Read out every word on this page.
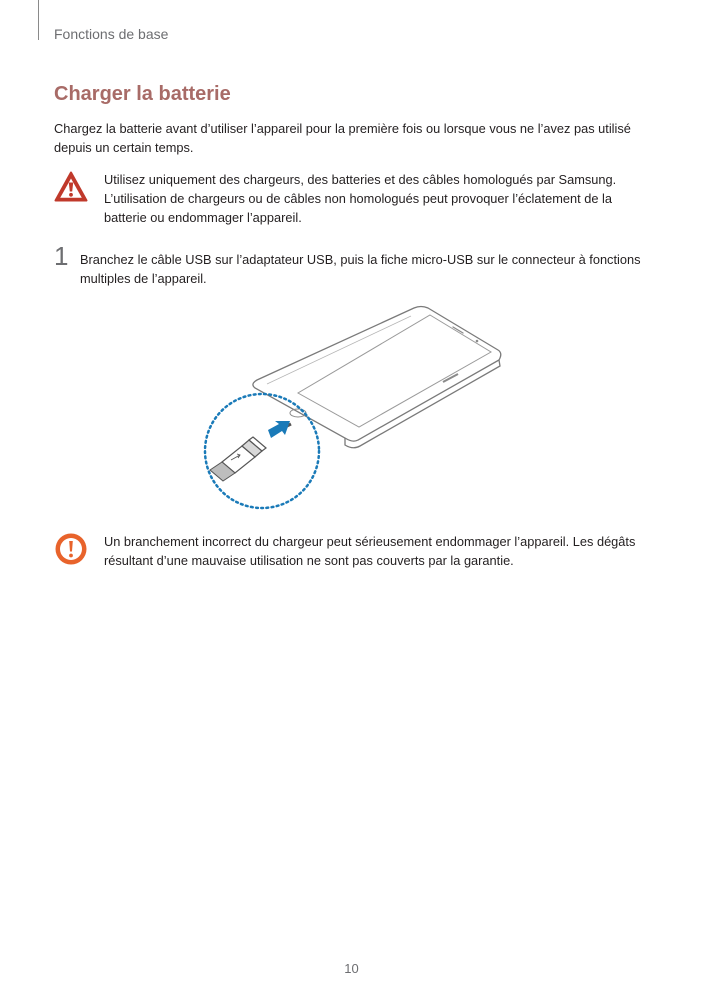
Fonctions de base
Charger la batterie

Chargez la batterie avant d’utiliser l’appareil pour la première fois ou lorsque vous ne l’avez pas utilisé depuis un certain temps.

Utilisez uniquement des chargeurs, des batteries et des câbles homologués par Samsung. L’utilisation de chargeurs ou de câbles non homologués peut provoquer l’éclatement de la batterie ou endommager l’appareil.

1 Branchez le câble USB sur l’adaptateur USB, puis la fiche micro-USB sur le connecteur à fonctions multiples de l’appareil.

Un branchement incorrect du chargeur peut sérieusement endommager l’appareil. Les dégâts résultant d’une mauvaise utilisation ne sont pas couverts par la garantie.

10
